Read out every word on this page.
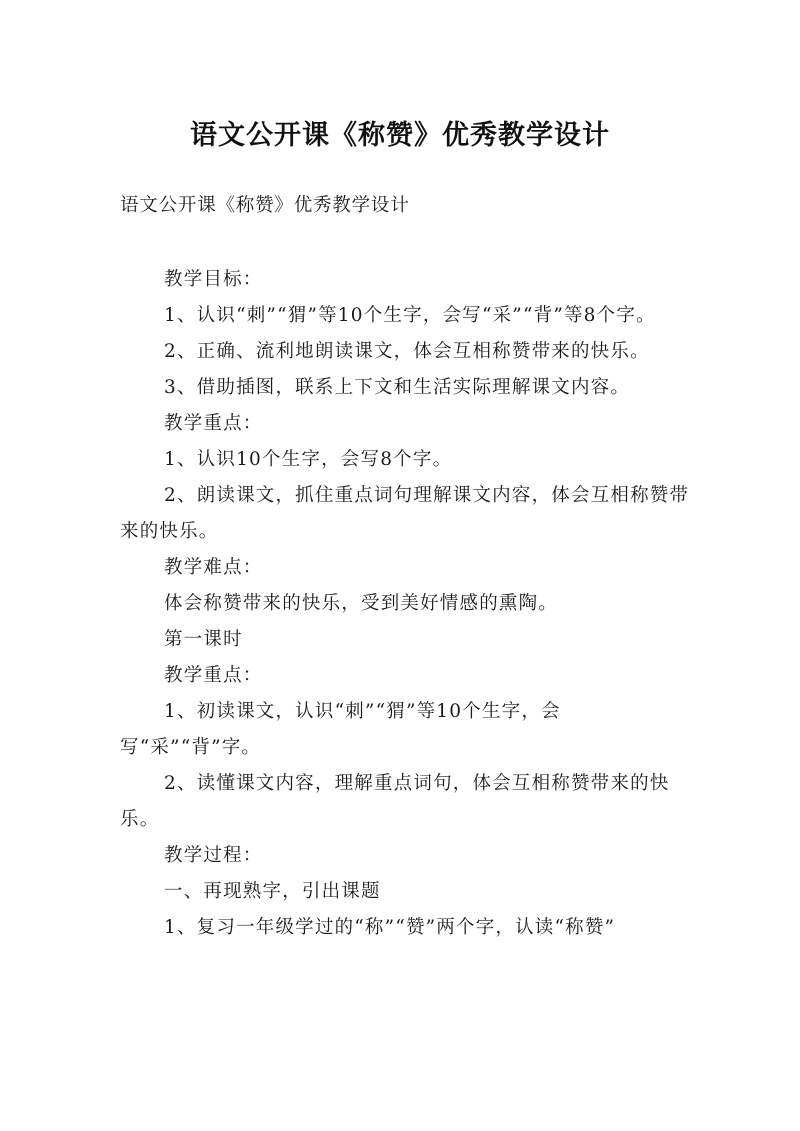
语文公开课《称赞》优秀教学设计

语文公开课《称赞》优秀教学设计

教学目标：

1、认识“刺”“猬”等10个生字，会写“采”“背”等8个字。

2、正确、流利地朗读课文，体会互相称赞带来的快乐。

3、借助插图，联系上下文和生活实际理解课文内容。

教学重点：

1、认识10个生字，会写8个字。

2、朗读课文，抓住重点词句理解课文内容，体会互相称赞带来的快乐。

教学难点：

体会称赞带来的快乐，受到美好情感的熏陶。

第一课时

教学重点：

1、初读课文，认识“刺”“猬”等10个生字，会写“采”“背”字。

2、读懂课文内容，理解重点词句，体会互相称赞带来的快乐。

教学过程：

一、再现熟字，引出课题

1、复习一年级学过的“称”“赞”两个字，认读“称赞”
